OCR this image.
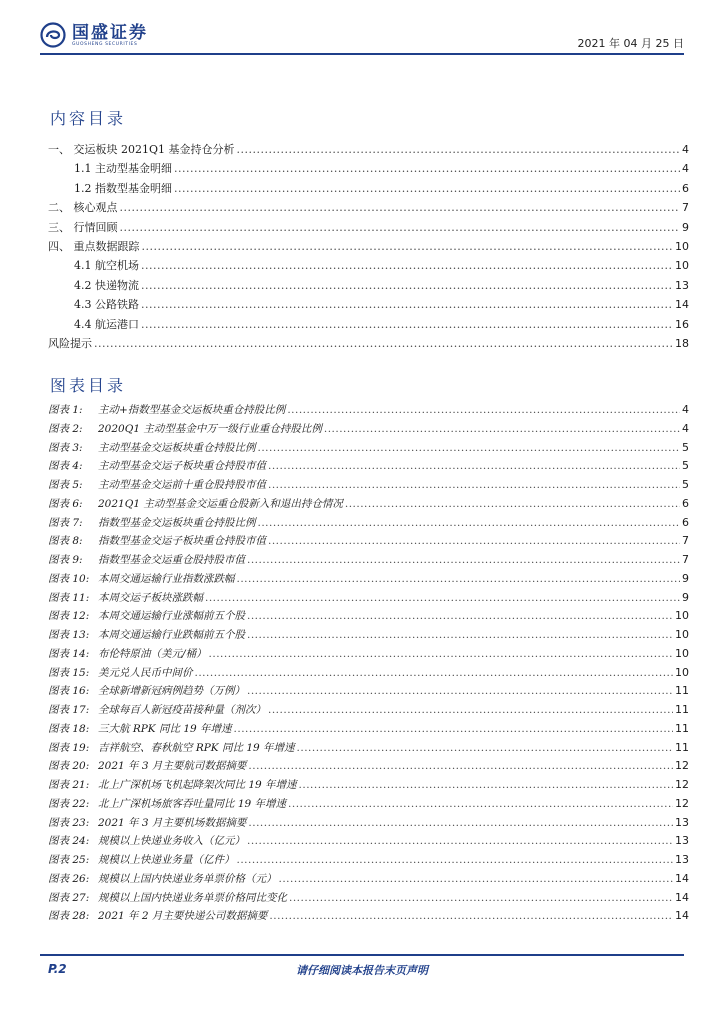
国盛证券
GUOSHENG SECURITIES	2021 年 04 月 25 日
内容目录
一、 交运板块 2021Q1 基金持仓分析 .....	4
1.1 主动型基金明细 .....	4
1.2 指数型基金明细 .....	6
二、 核心观点 .....	7
三、 行情回顾 .....	9
四、 重点数据跟踪 .....	10
4.1 航空机场 .....	10
4.2 快递物流 .....	13
4.3 公路铁路 .....	14
4.4 航运港口 .....	16
风险提示 .....	18
图表目录
图表 1: 主动+指数型基金交运板块重仓持股比例 .....	4
图表 2: 2020Q1 主动型基金中万一级行业重仓持股比例 .....	4
图表 3: 主动型基金交运板块重仓持股比例 .....	5
图表 4: 主动型基金交运子板块重仓持股市值 .....	5
图表 5: 主动型基金交运前十重仓股持股市值 .....	5
图表 6: 2021Q1 主动型基金交运重仓股新入和退出持仓情况 .....	6
图表 7: 指数型基金交运板块重仓持股比例 .....	6
图表 8: 指数型基金交运子板块重仓持股市值 .....	7
图表 9: 指数型基金交运重仓股持股市值 .....	7
图表 10: 本周交通运输行业指数涨跌幅 .....	9
图表 11: 本周交运子板块涨跌幅 .....	9
图表 12: 本周交通运输行业涨幅前五个股 .....	10
图表 13: 本周交通运输行业跌幅前五个股 .....	10
图表 14: 布伦特原油（美元/桶） .....	10
图表 15: 美元兑人民币中间价 .....	10
图表 16: 全球新增新冠病例趋势（万例） .....	11
图表 17: 全球每百人新冠疫苗接种量（剂次） .....	11
图表 18: 三大航 RPK 同比 19 年增速 .....	11
图表 19: 吉祥航空、春秋航空 RPK 同比 19 年增速 .....	11
图表 20: 2021 年 3 月主要航司数据摘要 .....	12
图表 21: 北上广深机场飞机起降架次同比 19 年增速 .....	12
图表 22: 北上广深机场旅客吞吐量同比 19 年增速 .....	12
图表 23: 2021 年 3 月主要机场数据摘要 .....	13
图表 24: 规模以上快递业务收入（亿元） .....	13
图表 25: 规模以上快递业务量（亿件） .....	13
图表 26: 规模以上国内快递业务单票价格（元） .....	14
图表 27: 规模以上国内快递业务单票价格同比变化 .....	14
图表 28: 2021 年 2 月主要快递公司数据摘要 .....	14
P.2	请仔细阅读本报告末页声明
